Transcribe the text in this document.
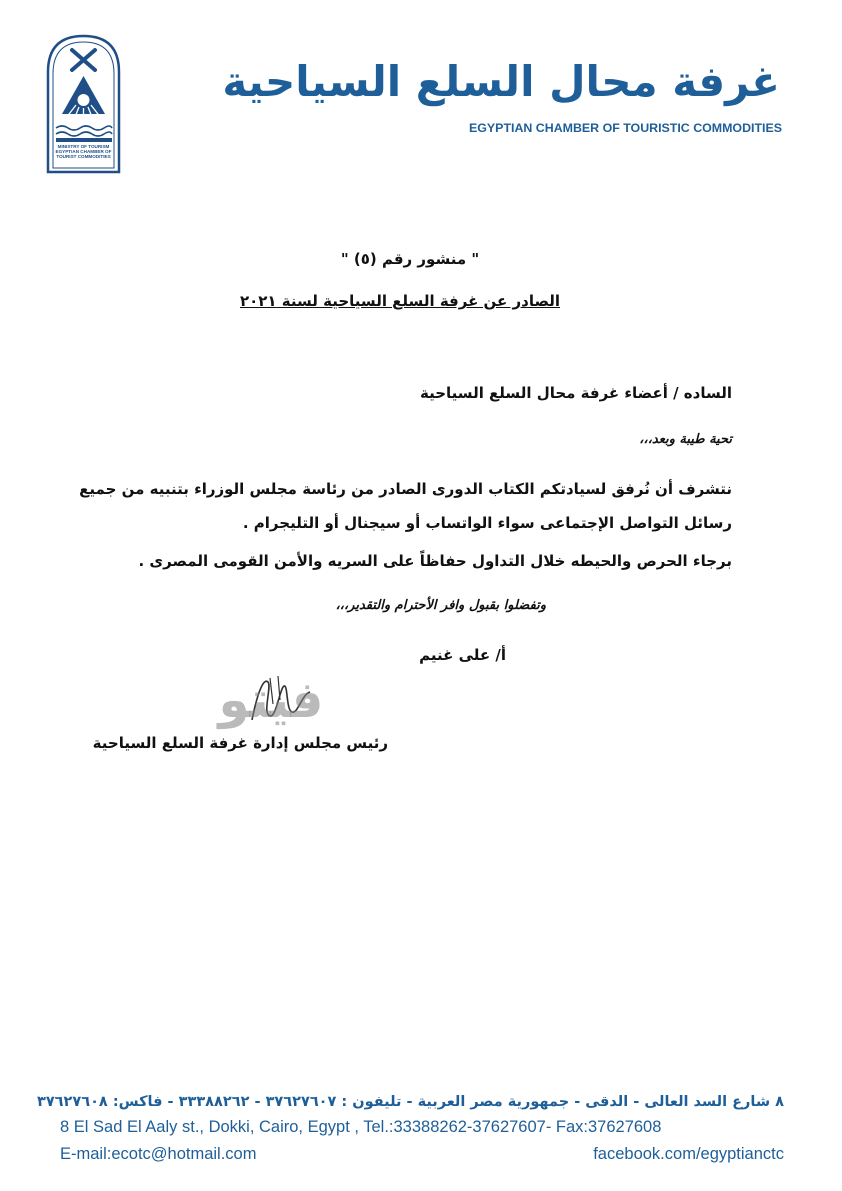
MINISTRY OF TOURISM EGYPTIAN CHAMBER OF TOURIST COMMODITIES
غرفة محال السلع السياحية
EGYPTIAN CHAMBER OF TOURISTIC COMMODITIES
" منشور رقم (٥) "
الصادر عن غرفة السلع السياحية لسنة ٢٠٢١
الساده / أعضاء غرفة محال السلع السياحية
تحية طيبة وبعد،،،
نتشرف أن نُرفق لسيادتكم الكتاب الدورى الصادر من رئاسة مجلس الوزراء بتنبيه من جميع رسائل التواصل الإجتماعى سواء الواتساب أو سيجنال أو التليجرام .
برجاء الحرص والحيطه خلال التداول حفاظاً على السريه والأمن القومى المصرى .
وتفضلوا بقبول وافر الأحترام والتقدير،،،
أ/ على غنيم
فيتو
رئيس مجلس إدارة غرفة السلع السياحية
٨ شارع السد العالى - الدقى - جمهورية مصر العربية - تليفون : ٣٧٦٢٧٦٠٧ - ٣٣٣٨٨٢٦٢ - فاكس: ٣٧٦٢٧٦٠٨
8 El Sad El Aaly st., Dokki, Cairo, Egypt , Tel.:33388262-37627607- Fax:37627608
E-mail:ecotc@hotmail.com	facebook.com/egyptianctc
